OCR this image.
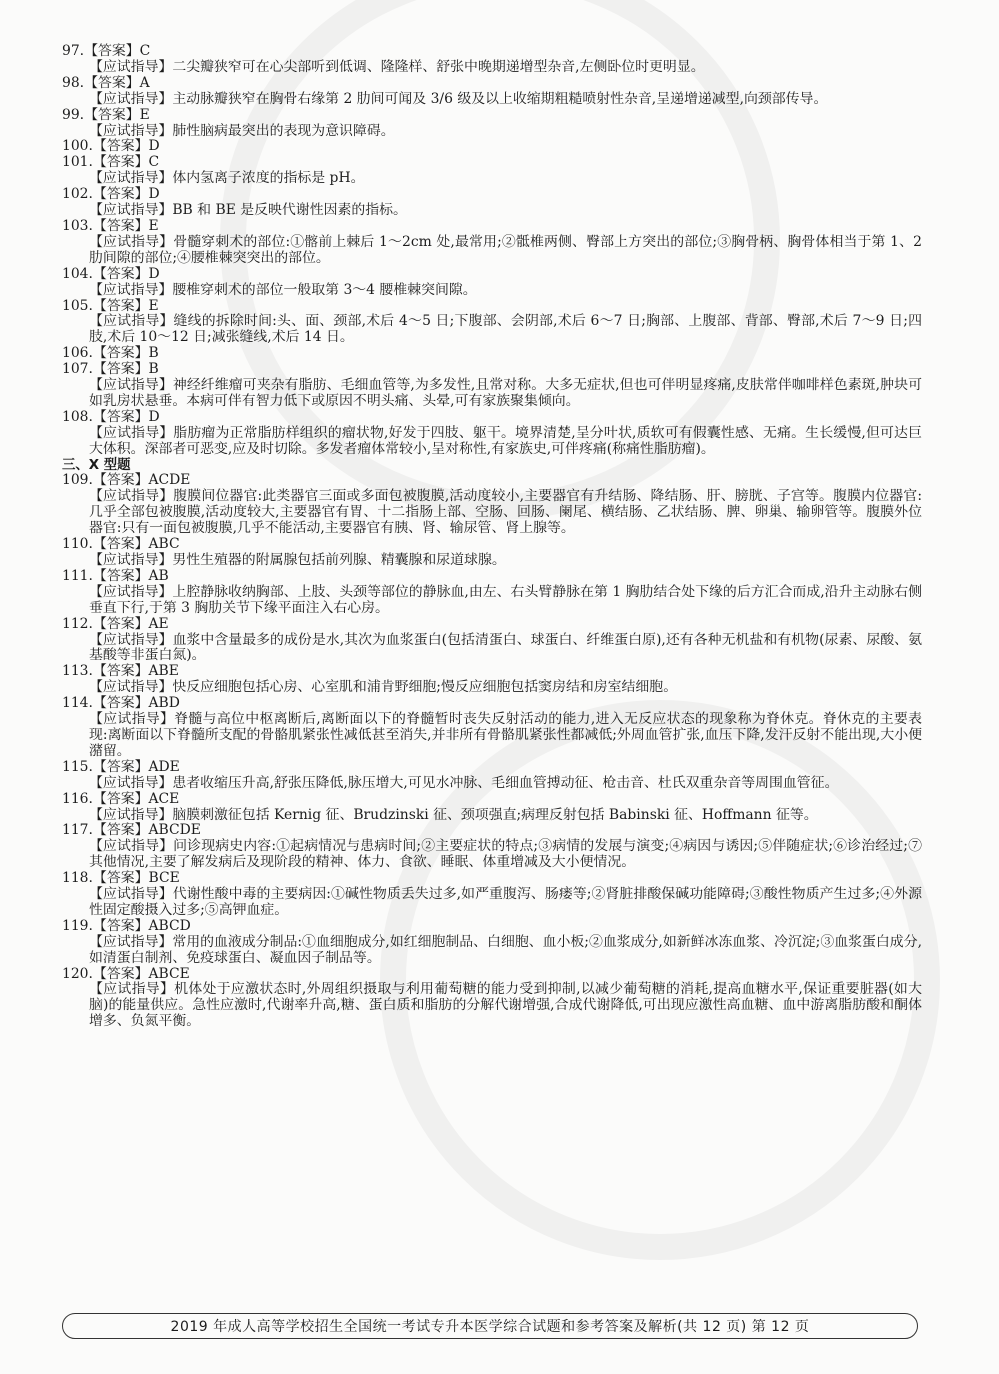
97.【答案】C
【应试指导】二尖瓣狭窄可在心尖部听到低调、隆隆样、舒张中晚期递增型杂音,左侧卧位时更明显。
98.【答案】A
【应试指导】主动脉瓣狭窄在胸骨右缘第 2 肋间可闻及 3/6 级及以上收缩期粗糙喷射性杂音,呈递增递减型,向颈部传导。
99.【答案】E
【应试指导】肺性脑病最突出的表现为意识障碍。
100.【答案】D
101.【答案】C
【应试指导】体内氢离子浓度的指标是 pH。
102.【答案】D
【应试指导】BB 和 BE 是反映代谢性因素的指标。
103.【答案】E
【应试指导】骨髓穿刺术的部位:①髂前上棘后 1～2cm 处,最常用;②骶椎两侧、臀部上方突出的部位;③胸骨柄、胸骨体相当于第 1、2 肋间隙的部位;④腰椎棘突突出的部位。
104.【答案】D
【应试指导】腰椎穿刺术的部位一般取第 3～4 腰椎棘突间隙。
105.【答案】E
【应试指导】缝线的拆除时间:头、面、颈部,术后 4～5 日;下腹部、会阴部,术后 6～7 日;胸部、上腹部、背部、臀部,术后 7～9 日;四肢,术后 10～12 日;减张缝线,术后 14 日。
106.【答案】B
107.【答案】B
【应试指导】神经纤维瘤可夹杂有脂肪、毛细血管等,为多发性,且常对称。大多无症状,但也可伴明显疼痛,皮肤常伴咖啡样色素斑,肿块可如乳房状悬垂。本病可伴有智力低下或原因不明头痛、头晕,可有家族聚集倾向。
108.【答案】D
【应试指导】脂肪瘤为正常脂肪样组织的瘤状物,好发于四肢、躯干。境界清楚,呈分叶状,质软可有假囊性感、无痛。生长缓慢,但可达巨大体积。深部者可恶变,应及时切除。多发者瘤体常较小,呈对称性,有家族史,可伴疼痛(称痛性脂肪瘤)。
三、X 型题
109.【答案】ACDE
【应试指导】腹膜间位器官:此类器官三面或多面包被腹膜,活动度较小,主要器官有升结肠、降结肠、肝、膀胱、子宫等。腹膜内位器官:几乎全部包被腹膜,活动度较大,主要器官有胃、十二指肠上部、空肠、回肠、阑尾、横结肠、乙状结肠、脾、卵巢、输卵管等。腹膜外位器官:只有一面包被腹膜,几乎不能活动,主要器官有胰、肾、输尿管、肾上腺等。
110.【答案】ABC
【应试指导】男性生殖器的附属腺包括前列腺、精囊腺和尿道球腺。
111.【答案】AB
【应试指导】上腔静脉收纳胸部、上肢、头颈等部位的静脉血,由左、右头臂静脉在第 1 胸肋结合处下缘的后方汇合而成,沿升主动脉右侧垂直下行,于第 3 胸肋关节下缘平面注入右心房。
112.【答案】AE
【应试指导】血浆中含量最多的成份是水,其次为血浆蛋白(包括清蛋白、球蛋白、纤维蛋白原),还有各种无机盐和有机物(尿素、尿酸、氨基酸等非蛋白氮)。
113.【答案】ABE
【应试指导】快反应细胞包括心房、心室肌和浦肯野细胞;慢反应细胞包括窦房结和房室结细胞。
114.【答案】ABD
【应试指导】脊髓与高位中枢离断后,离断面以下的脊髓暂时丧失反射活动的能力,进入无反应状态的现象称为脊休克。脊休克的主要表现:离断面以下脊髓所支配的骨骼肌紧张性减低甚至消失,并非所有骨骼肌紧张性都减低;外周血管扩张,血压下降,发汗反射不能出现,大小便潴留。
115.【答案】ADE
【应试指导】患者收缩压升高,舒张压降低,脉压增大,可见水冲脉、毛细血管搏动征、枪击音、杜氏双重杂音等周围血管征。
116.【答案】ACE
【应试指导】脑膜刺激征包括 Kernig 征、Brudzinski 征、颈项强直;病理反射包括 Babinski 征、Hoffmann 征等。
117.【答案】ABCDE
【应试指导】问诊现病史内容:①起病情况与患病时间;②主要症状的特点;③病情的发展与演变;④病因与诱因;⑤伴随症状;⑥诊治经过;⑦其他情况,主要了解发病后及现阶段的精神、体力、食欲、睡眠、体重增减及大小便情况。
118.【答案】BCE
【应试指导】代谢性酸中毒的主要病因:①碱性物质丢失过多,如严重腹泻、肠瘘等;②肾脏排酸保碱功能障碍;③酸性物质产生过多;④外源性固定酸摄入过多;⑤高钾血症。
119.【答案】ABCD
【应试指导】常用的血液成分制品:①血细胞成分,如红细胞制品、白细胞、血小板;②血浆成分,如新鲜冰冻血浆、冷沉淀;③血浆蛋白成分,如清蛋白制剂、免疫球蛋白、凝血因子制品等。
120.【答案】ABCE
【应试指导】机体处于应激状态时,外周组织摄取与利用葡萄糖的能力受到抑制,以减少葡萄糖的消耗,提高血糖水平,保证重要脏器(如大脑)的能量供应。急性应激时,代谢率升高,糖、蛋白质和脂肪的分解代谢增强,合成代谢降低,可出现应激性高血糖、血中游离脂肪酸和酮体增多、负氮平衡。
2019 年成人高等学校招生全国统一考试专升本医学综合试题和参考答案及解析(共 12 页) 第 12 页
